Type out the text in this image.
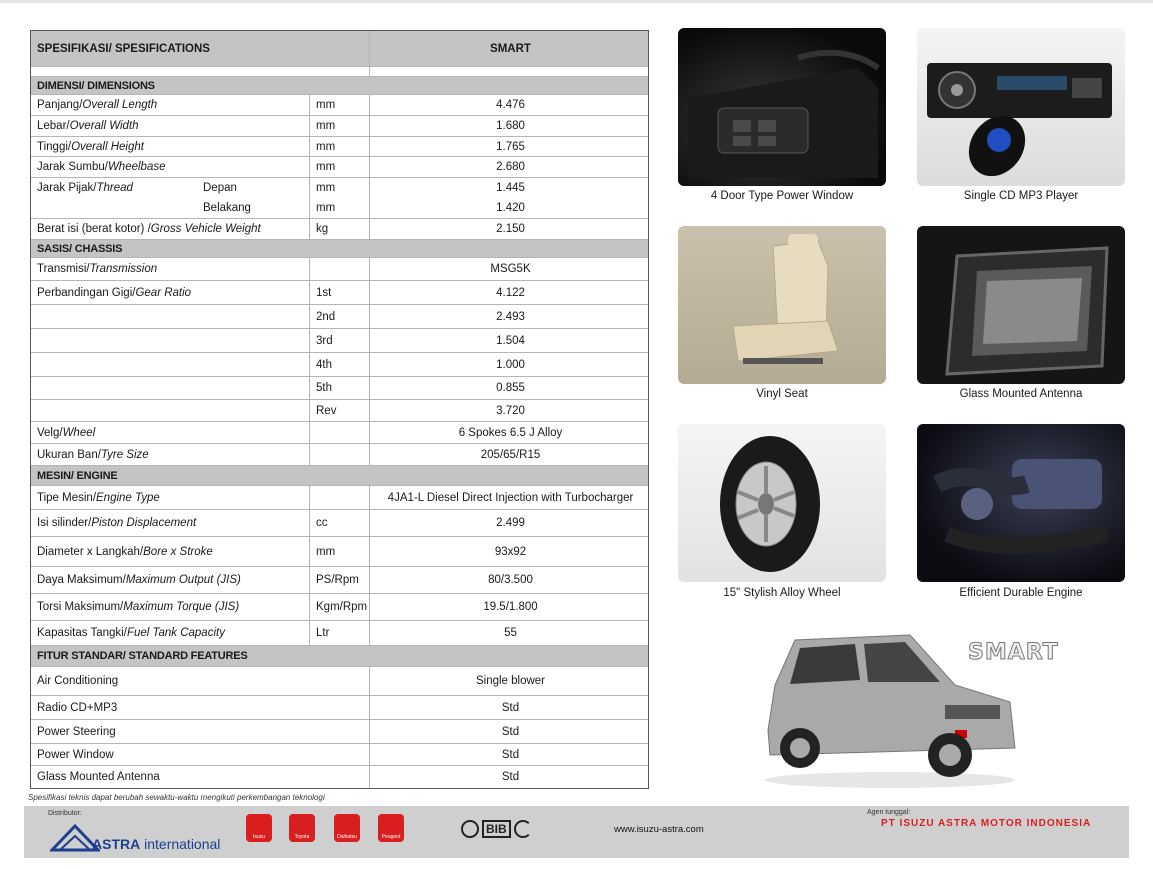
SPESIFIKASI/ SPESIFICATIONS	SMART
DIMENSI/ DIMENSIONS
Panjang/ Overall Length	mm	4.476
Lebar/ Overall Width	mm	1.680
Tinggi/ Overall Height	mm	1.765
Jarak Sumbu/ Wheelbase	mm	2.680
Jarak Pijak/ Thread	Depan	mm	1.445
Belakang	mm	1.420
Berat isi (berat kotor) / Gross Vehicle Weight	kg	2.150
SASIS/ CHASSIS
Transmisi/ Transmission	MSG5K
Perbandingan Gigi/ Gear Ratio	1st	4.122
2nd	2.493
3rd	1.504
4th	1.000
5th	0.855
Rev	3.720
Velg/ Wheel	6 Spokes 6.5 J Alloy
Ukuran Ban/ Tyre Size	205/65/R15
MESIN/ ENGINE
Tipe Mesin/ Engine Type	4JA1-L Diesel Direct Injection with Turbocharger
Isi silinder/ Piston Displacement	cc	2.499
Diameter x Langkah/ Bore x Stroke	mm	93x92
Daya Maksimum/ Maximum Output (JIS)	PS/Rpm	80/3.500
Torsi Maksimum/ Maximum Torque (JIS)	Kgm/Rpm	19.5/1.800
Kapasitas Tangki/ Fuel Tank Capacity	Ltr	55
FITUR STANDAR/ STANDARD FEATURES
Air Conditioning	Single blower
Radio CD+MP3	Std
Power Steering	Std
Power Window	Std
Glass Mounted Antenna	Std
Spesifikasi teknis dapat berubah sewaktu-waktu mengikuti perkembangan teknologi
4 Door Type Power Window	Single CD MP3 Player
Vinyl Seat	Glass Mounted Antenna
15" Stylish Alloy Wheel	Efficient Durable Engine
SMART
Distributor:
ASTRA international	Isuzu	Toyota	Daihatsu	Peugeot
BIB	www.isuzu-astra.com
Agen tunggal:
PT ISUZU ASTRA MOTOR INDONESIA
